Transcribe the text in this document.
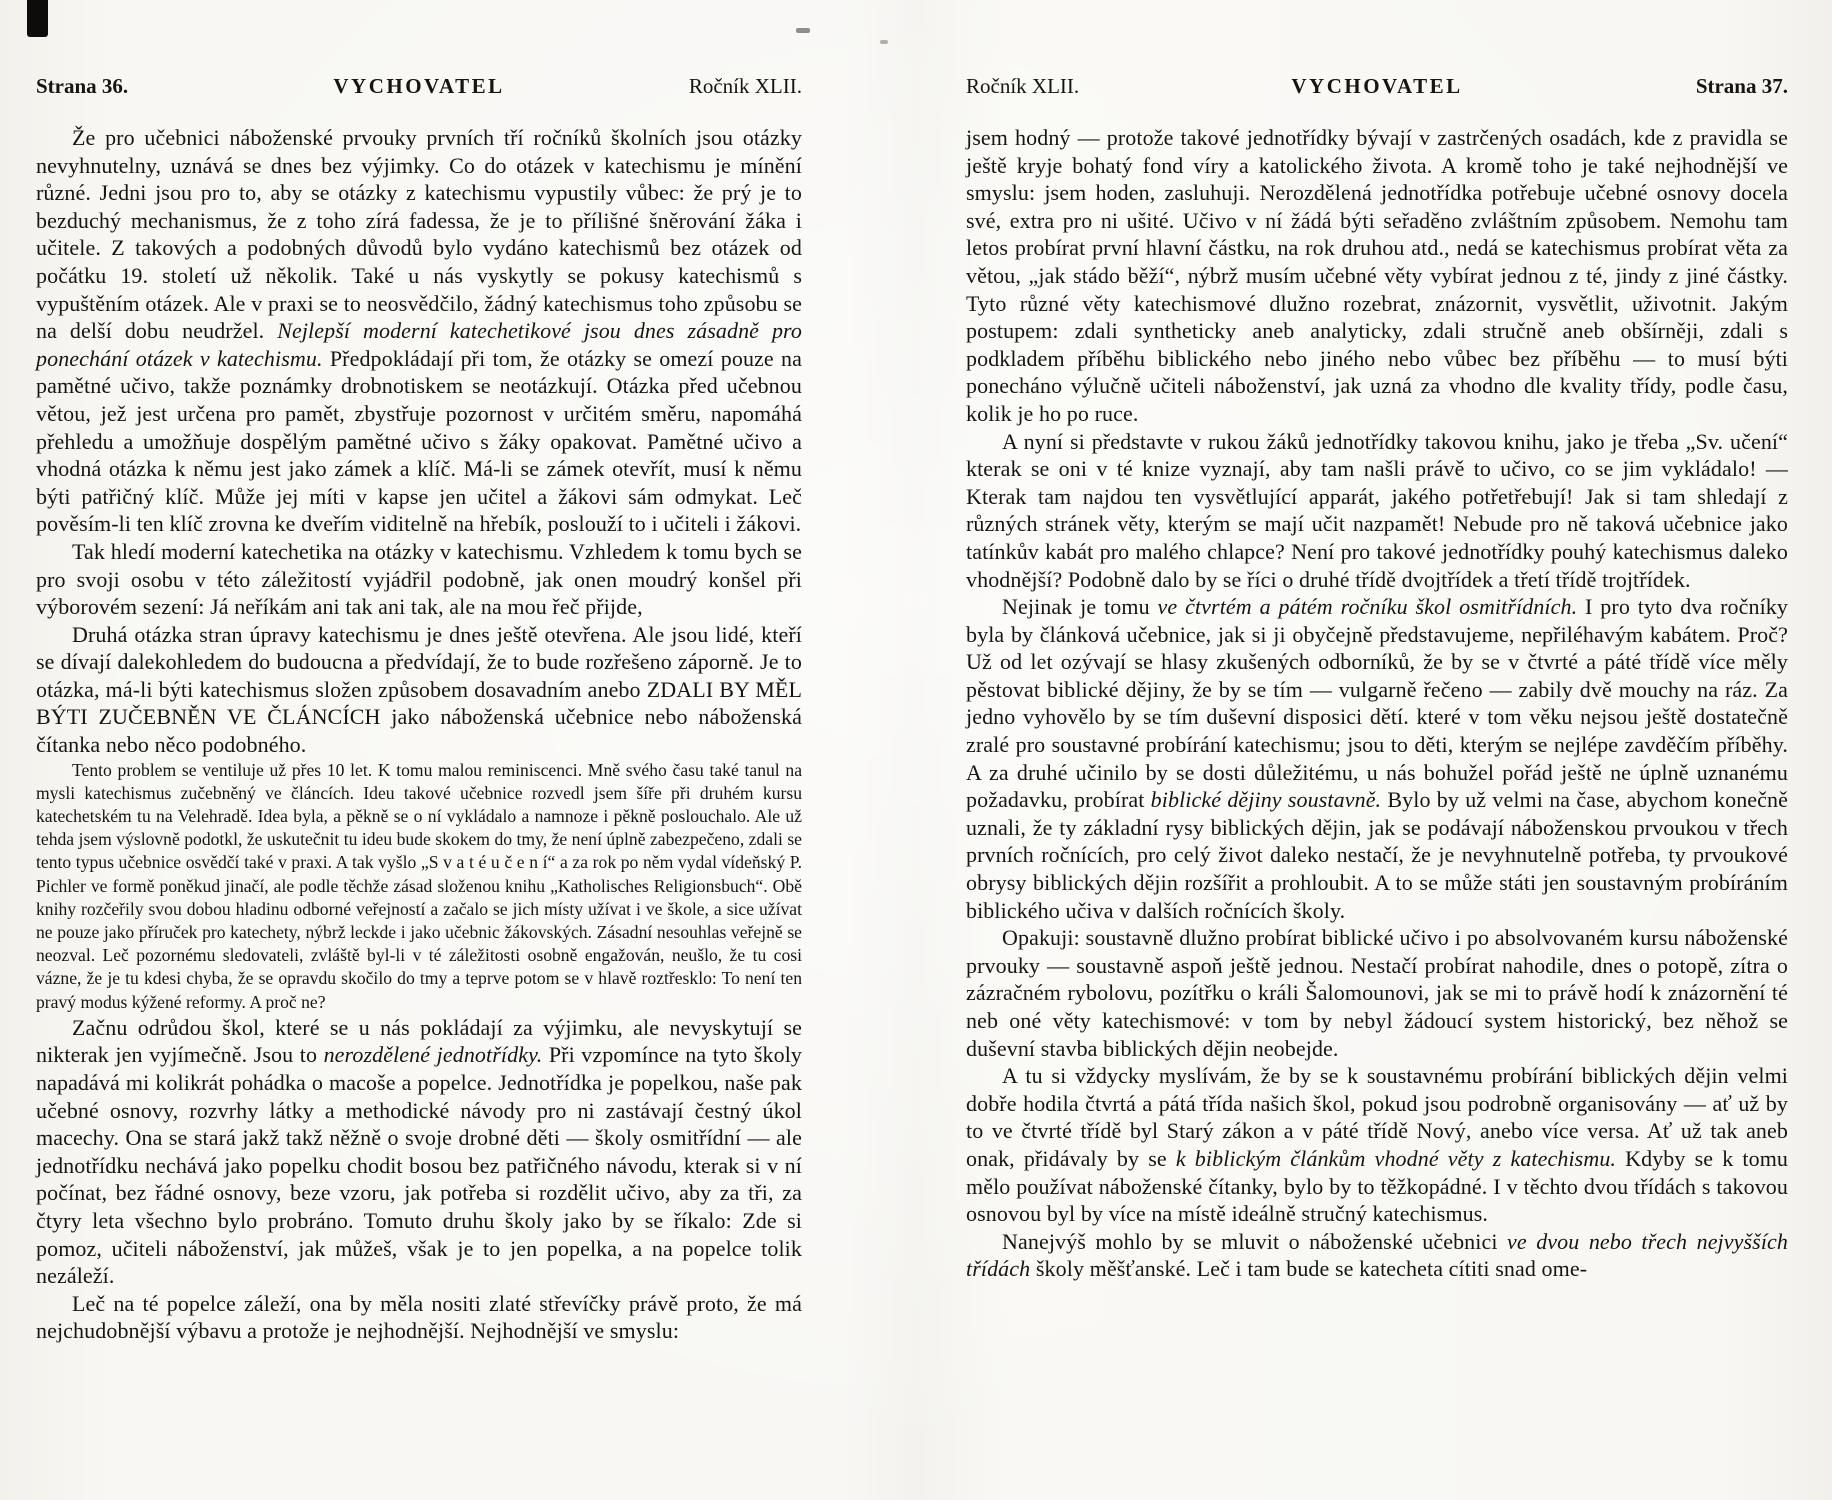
Strana 36.	VYCHOVATEL	Ročník XLII.

Že pro učebnici náboženské prvouky prvních tří ročníků školních jsou otázky nevyhnutelny, uznává se dnes bez výjimky. Co do otázek v katechismu je mínění různé. Jedni jsou pro to, aby se otázky z katechismu vypustily vůbec: že prý je to bezduchý mechanismus, že z toho zírá fadessa, že je to přílišné šněrování žáka i učitele. Z takových a podobných důvodů bylo vydáno katechismů bez otázek od počátku 19. století už několik. Také u nás vyskytly se pokusy katechismů s vypuštěním otázek. Ale v praxi se to neosvědčilo, žádný katechismus toho způsobu se na delší dobu neudržel. Nejlepší moderní katechetikové jsou dnes zásadně pro ponechání otázek v katechismu. Předpokládají při tom, že otázky se omezí pouze na pamětné učivo, takže poznámky drobnotiskem se neotázkují. Otázka před učebnou větou, jež jest určena pro pamět, zbystřuje pozornost v určitém směru, napomáhá přehledu a umožňuje dospělým pamětné učivo s žáky opakovat. Pamětné učivo a vhodná otázka k němu jest jako zámek a klíč. Má-li se zámek otevřít, musí k němu býti patřičný klíč. Může jej míti v kapse jen učitel a žákovi sám odmykat. Leč pověsím-li ten klíč zrovna ke dveřím viditelně na hřebík, poslouží to i učiteli i žákovi.

Tak hledí moderní katechetika na otázky v katechismu. Vzhledem k tomu bych se pro svoji osobu v této záležitostí vyjádřil podobně, jak onen moudrý konšel při výborovém sezení: Já neříkám ani tak ani tak, ale na mou řeč přijde,

Druhá otázka stran úpravy katechismu je dnes ještě otevřena. Ale jsou lidé, kteří se dívají dalekohledem do budoucna a předvídají, že to bude rozřešeno záporně. Je to otázka, má-li býti katechismus složen způsobem dosavadním anebo ZDALI BY MĚL BÝTI ZUČEBNĚN VE ČLÁNCÍCH jako náboženská učebnice nebo náboženská čítanka nebo něco podobného.

Tento problem se ventiluje už přes 10 let. K tomu malou reminiscenci. Mně svého času také tanul na mysli katechismus zučebněný ve článcích. Ideu takové učebnice rozvedl jsem šíře při druhém kursu katechetském tu na Velehradě. Idea byla, a pěkně se o ní vykládalo a namnoze i pěkně poslouchalo. Ale už tehda jsem výslovně podotkl, že uskutečnit tu ideu bude skokem do tmy, že není úplně zabezpečeno, zdali se tento typus učebnice osvědčí také v praxi. A tak vyšlo „S v a t é u č e n í“ a za rok po něm vydal vídeňský P. Pichler ve formě poněkud jinačí, ale podle těchže zásad složenou knihu „Katholisches Religionsbuch“. Obě knihy rozčeřily svou dobou hladinu odborné veřejností a začalo se jich místy užívat i ve škole, a sice užívat ne pouze jako příruček pro katechety, nýbrž leckde i jako učebnic žákovských. Zásadní nesouhlas veřejně se neozval. Leč pozornému sledovateli, zvláště byl-li v té záležitosti osobně engažován, neušlo, že tu cosi vázne, že je tu kdesi chyba, že se opravdu skočilo do tmy a teprve potom se v hlavě roztřesklo: To není ten pravý modus kýžené reformy. A proč ne?

Začnu odrůdou škol, které se u nás pokládají za výjimku, ale nevyskytují se nikterak jen vyjímečně. Jsou to nerozdělené jednotřídky. Při vzpomínce na tyto školy napadává mi kolikrát pohádka o macoše a popelce. Jednotřídka je popelkou, naše pak učebné osnovy, rozvrhy látky a methodické návody pro ni zastávají čestný úkol macechy. Ona se stará jakž takž něžně o svoje drobné děti — školy osmitřídní — ale jednotřídku nechává jako popelku chodit bosou bez patřičného návodu, kterak si v ní počínat, bez řádné osnovy, beze vzoru, jak potřeba si rozdělit učivo, aby za tři, za čtyry leta všechno bylo probráno. Tomuto druhu školy jako by se říkalo: Zde si pomoz, učiteli náboženství, jak můžeš, však je to jen popelka, a na popelce tolik nezáleží.

Leč na té popelce záleží, ona by měla nositi zlaté střevíčky právě proto, že má nejchudobnější výbavu a protože je nejhodnější. Nejhodnější ve smyslu:

Ročník XLII.	VYCHOVATEL	Strana 37.

jsem hodný — protože takové jednotřídky bývají v zastrčených osadách, kde z pravidla se ještě kryje bohatý fond víry a katolického života. A kromě toho je také nejhodnější ve smyslu: jsem hoden, zasluhuji. Nerozdělená jednotřídka potřebuje učebné osnovy docela své, extra pro ni ušité. Učivo v ní žádá býti seřaděno zvláštním způsobem. Nemohu tam letos probírat první hlavní částku, na rok druhou atd., nedá se katechismus probírat věta za větou, „jak stádo běží“, nýbrž musím učebné věty vybírat jednou z té, jindy z jiné částky. Tyto různé věty katechismové dlužno rozebrat, znázornit, vysvětlit, uživotnit. Jakým postupem: zdali syntheticky aneb analyticky, zdali stručně aneb obšírněji, zdali s podkladem příběhu biblického nebo jiného nebo vůbec bez příběhu — to musí býti ponecháno výlučně učiteli náboženství, jak uzná za vhodno dle kvality třídy, podle času, kolik je ho po ruce.

A nyní si představte v rukou žáků jednotřídky takovou knihu, jako je třeba „Sv. učení“ kterak se oni v té knize vyznají, aby tam našli právě to učivo, co se jim vykládalo! — Kterak tam najdou ten vysvětlující apparát, jakého potřetřebují! Jak si tam shledají z různých stránek věty, kterým se mají učit nazpamět! Nebude pro ně taková učebnice jako tatínkův kabát pro malého chlapce? Není pro takové jednotřídky pouhý katechismus daleko vhodnější? Podobně dalo by se říci o druhé třídě dvojtřídek a třetí třídě trojtřídek.

Nejinak je tomu ve čtvrtém a pátém ročníku škol osmitřídních. I pro tyto dva ročníky byla by článková učebnice, jak si ji obyčejně představujeme, nepřiléhavým kabátem. Proč? Už od let ozývají se hlasy zkušených odborníků, že by se v čtvrté a páté třídě více měly pěstovat biblické dějiny, že by se tím — vulgarně řečeno — zabily dvě mouchy na ráz. Za jedno vyhovělo by se tím duševní disposici dětí. které v tom věku nejsou ještě dostatečně zralé pro soustavné probírání katechismu; jsou to děti, kterým se nejlépe zavděčím příběhy. A za druhé učinilo by se dosti důležitému, u nás bohužel pořád ještě ne úplně uznanému požadavku, probírat biblické dějiny soustavně. Bylo by už velmi na čase, abychom konečně uznali, že ty základní rysy biblických dějin, jak se podávají náboženskou prvoukou v třech prvních ročnících, pro celý život daleko nestačí, že je nevyhnutelně potřeba, ty prvoukové obrysy biblických dějin rozšířit a prohloubit. A to se může státi jen soustavným probíráním biblického učiva v dalších ročnících školy.

Opakuji: soustavně dlužno probírat biblické učivo i po absolvovaném kursu náboženské prvouky — soustavně aspoň ještě jednou. Nestačí probírat nahodile, dnes o potopě, zítra o zázračném rybolovu, pozítřku o králi Šalomounovi, jak se mi to právě hodí k znázornění té neb oné věty katechismové: v tom by nebyl žádoucí system historický, bez něhož se duševní stavba biblických dějin neobejde.

A tu si vždycky myslívám, že by se k soustavnému probírání biblických dějin velmi dobře hodila čtvrtá a pátá třída našich škol, pokud jsou podrobně organisovány — ať už by to ve čtvrté třídě byl Starý zákon a v páté třídě Nový, anebo více versa. Ať už tak aneb onak, přidávaly by se k biblickým článkům vhodné věty z katechismu. Kdyby se k tomu mělo používat náboženské čítanky, bylo by to těžkopádné. I v těchto dvou třídách s takovou osnovou byl by více na místě ideálně stručný katechismus.

Nanejvýš mohlo by se mluvit o náboženské učebnici ve dvou nebo třech nejvyšších třídách školy měšťanské. Leč i tam bude se katecheta cítiti snad ome-
